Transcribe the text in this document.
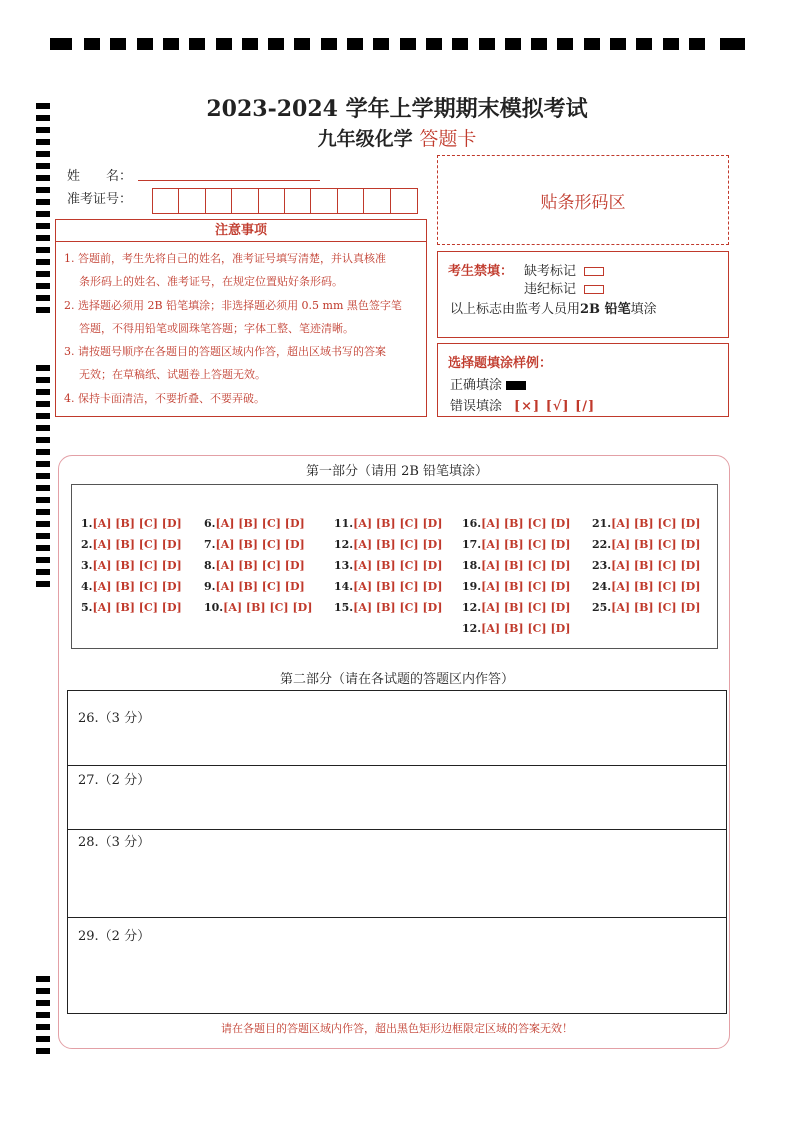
2023-2024 学年上学期期末模拟考试
九年级化学 答题卡
姓　　名：
准考证号：	贴条形码区
注意事项
1. 答题前，考生先将自己的姓名，准考证号填写清楚，并认真核准
条形码上的姓名、准考证号，在规定位置贴好条形码。
2. 选择题必须用 2B 铅笔填涂；非选择题必须用 0.5 mm 黑色签字笔
答题，不得用铅笔或圆珠笔答题；字体工整、笔迹清晰。
3. 请按题号顺序在各题目的答题区域内作答，超出区域书写的答案
无效；在草稿纸、试题卷上答题无效。
4. 保持卡面清洁，不要折叠、不要弄破。
考生禁填： 缺考标记
违纪标记
以上标志由监考人员用2B 铅笔填涂
选择题填涂样例：
正确填涂
错误填涂 [×] [√] [/]
第一部分（请用 2B 铅笔填涂）
1.[A] [B] [C] [D] 6.[A] [B] [C] [D]	11.[A] [B] [C] [D] 16.[A] [B] [C] [D] 21.[A] [B] [C] [D]
2.[A] [B] [C] [D] 7.[A] [B] [C] [D]	12.[A] [B] [C] [D] 17.[A] [B] [C] [D] 22.[A] [B] [C] [D]
3.[A] [B] [C] [D] 8.[A] [B] [C] [D]	13.[A] [B] [C] [D] 18.[A] [B] [C] [D] 23.[A] [B] [C] [D]
4.[A] [B] [C] [D] 9.[A] [B] [C] [D]	14.[A] [B] [C] [D] 19.[A] [B] [C] [D] 24.[A] [B] [C] [D]
5.[A] [B] [C] [D] 10.[A] [B] [C] [D] 15.[A] [B] [C] [D] 12.[A] [B] [C] [D] 25.[A] [B] [C] [D]
12.[A] [B] [C] [D]
第二部分（请在各试题的答题区内作答）
26.（3 分）
27.（2 分）
28.（3 分）
29.（2 分）
请在各题目的答题区域内作答，超出黑色矩形边框限定区域的答案无效！
